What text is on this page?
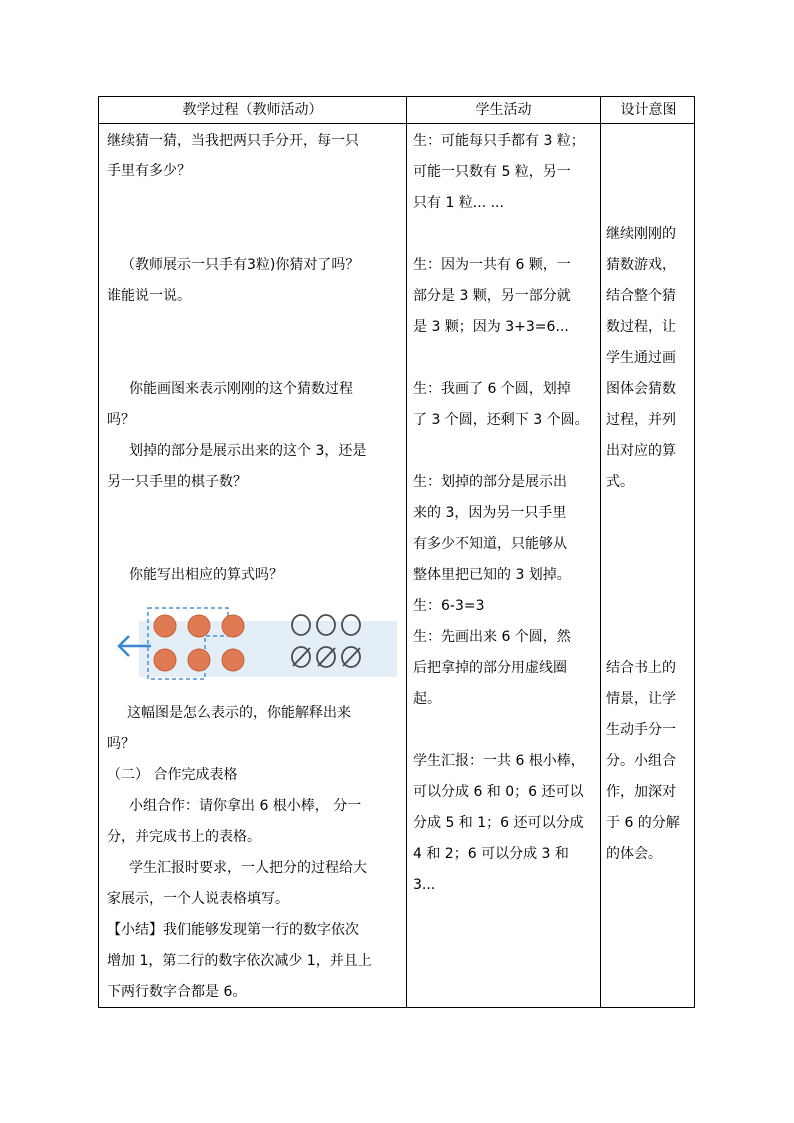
教学过程（教师活动）	学生活动	设计意图
继续猜一猜，当我把两只手分开，每一只
手里有多少？
（教师展示一只手有3粒)你猜对了吗？
谁能说一说。
你能画图来表示刚刚的这个猜数过程
吗？
划掉的部分是展示出来的这个 3，还是
另一只手里的棋子数？
你能写出相应的算式吗？
这幅图是怎么表示的，你能解释出来
吗？
（二） 合作完成表格
小组合作：请你拿出 6 根小棒， 分一
分，并完成书上的表格。
学生汇报时要求，一人把分的过程给大
家展示，一个人说表格填写。
【小结】我们能够发现第一行的数字依次
增加 1，第二行的数字依次减少 1，并且上
下两行数字合都是 6。
生：可能每只手都有 3 粒；
可能一只数有 5 粒，另一
只有 1 粒... ...
生：因为一共有 6 颗，一
部分是 3 颗，另一部分就
是 3 颗；因为 3+3=6...
生：我画了 6 个圆，划掉
了 3 个圆，还剩下 3 个圆。
生：划掉的部分是展示出
来的 3，因为另一只手里
有多少不知道，只能够从
整体里把已知的 3 划掉。
生：6-3=3
生：先画出来 6 个圆，然
后把拿掉的部分用虚线圈
起。
学生汇报：一共 6 根小棒，
可以分成 6 和 0；6 还可以
分成 5 和 1；6 还可以分成
4 和 2；6 可以分成 3 和
3...
继续刚刚的
猜数游戏，
结合整个猜
数过程，让
学生通过画
图体会猜数
过程，并列
出对应的算
式。
结合书上的
情景，让学
生动手分一
分。小组合
作，加深对
于 6 的分解
的体会。
